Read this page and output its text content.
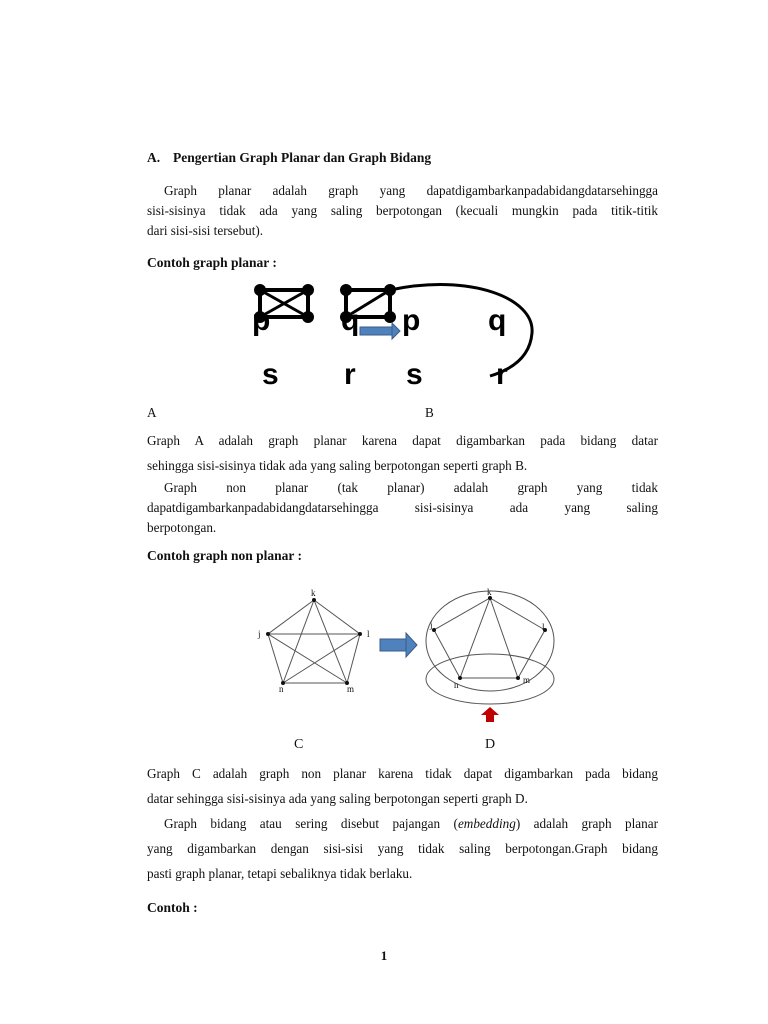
A. Pengertian Graph Planar dan Graph Bidang
Graph planar adalah graph yang dapatdigambarkanpadabidangdatarsehingga
sisi-sisinya tidak ada yang saling berpotongan (kecuali mungkin pada titik-titik
dari sisi-sisi tersebut).
Contoh graph planar :
p
s
q
r
p
s
q
r
A	B
Graph A adalah graph planar karena dapat digambarkan pada bidang datar
sehingga sisi-sisinya tidak ada yang saling berpotongan seperti graph B.
Graph non planar (tak planar) adalah graph yang tidak
dapatdigambarkanpadabidangdatarsehingga sisi-sisinya ada yang saling
berpotongan.
Contoh graph non planar :
k
l
m
n
j
k
l
m
n
j
C	D
Graph C adalah graph non planar karena tidak dapat digambarkan pada bidang
datar sehingga sisi-sisinya ada yang saling berpotongan seperti graph D.
Graph bidang atau sering disebut pajangan (embedding) adalah graph planar
yang digambarkan dengan sisi-sisi yang tidak saling berpotongan.Graph bidang
pasti graph planar, tetapi sebaliknya tidak berlaku.
Contoh :
1
